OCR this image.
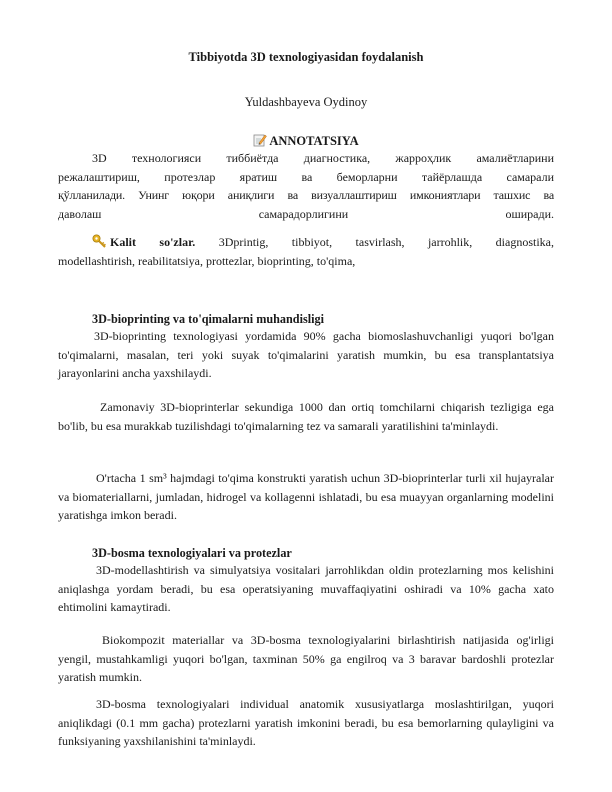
Tibbiyotda 3D texnologiyasidan foydalanish
Yuldashbayeva Oydinoy
ANNOTATSIYA
3D технологияси тиббиётда диагностика, жарроҳлик амалиётларини
режалаштириш, протезлар яратиш ва беморларни тайёрлашда самарали
қўлланилади. Унинг юқори аниқлиги ва визуаллаштириш имкониятлари ташхис ва
даволаш самарадорлигини оширади.
Kalit so'zlar. 3Dprintig, tibbiyot, tasvirlash, jarrohlik, diagnostika,
modellashtirish, reabilitatsiya, prottezlar, bioprinting, to'qima,
3D-bioprinting va to'qimalarni muhandisligi

3D-bioprinting texnologiyasi yordamida 90% gacha biomoslashuvchanligi yuqori bo'lgan to'qimalarni, masalan, teri yoki suyak to'qimalarini yaratish mumkin, bu esa transplantatsiya jarayonlarini ancha yaxshilaydi.

Zamonaviy 3D-bioprinterlar sekundiga 1000 dan ortiq tomchilarni chiqarish tezligiga ega bo'lib, bu esa murakkab tuzilishdagi to'qimalarning tez va samarali yaratilishini ta'minlaydi.

O'rtacha 1 sm³ hajmdagi to'qima konstrukti yaratish uchun 3D-bioprinterlar turli xil hujayralar va biomateriallarni, jumladan, hidrogel va kollagenni ishlatadi, bu esa muayyan organlarning modelini yaratishga imkon beradi.

3D-bosma texnologiyalari va protezlar

3D-modellashtirish va simulyatsiya vositalari jarrohlikdan oldin protezlarning mos kelishini aniqlashga yordam beradi, bu esa operatsiyaning muvaffaqiyatini oshiradi va 10% gacha xato ehtimolini kamaytiradi.

Biokompozit materiallar va 3D-bosma texnologiyalarini birlashtirish natijasida og'irligi yengil, mustahkamligi yuqori bo'lgan, taxminan 50% ga engilroq va 3 baravar bardoshli protezlar yaratish mumkin.

3D-bosma texnologiyalari individual anatomik xususiyatlarga moslashtirilgan, yuqori aniqlikdagi (0.1 mm gacha) protezlarni yaratish imkonini beradi, bu esa bemorlarning qulayligini va funksiyaning yaxshilanishini ta'minlaydi.
